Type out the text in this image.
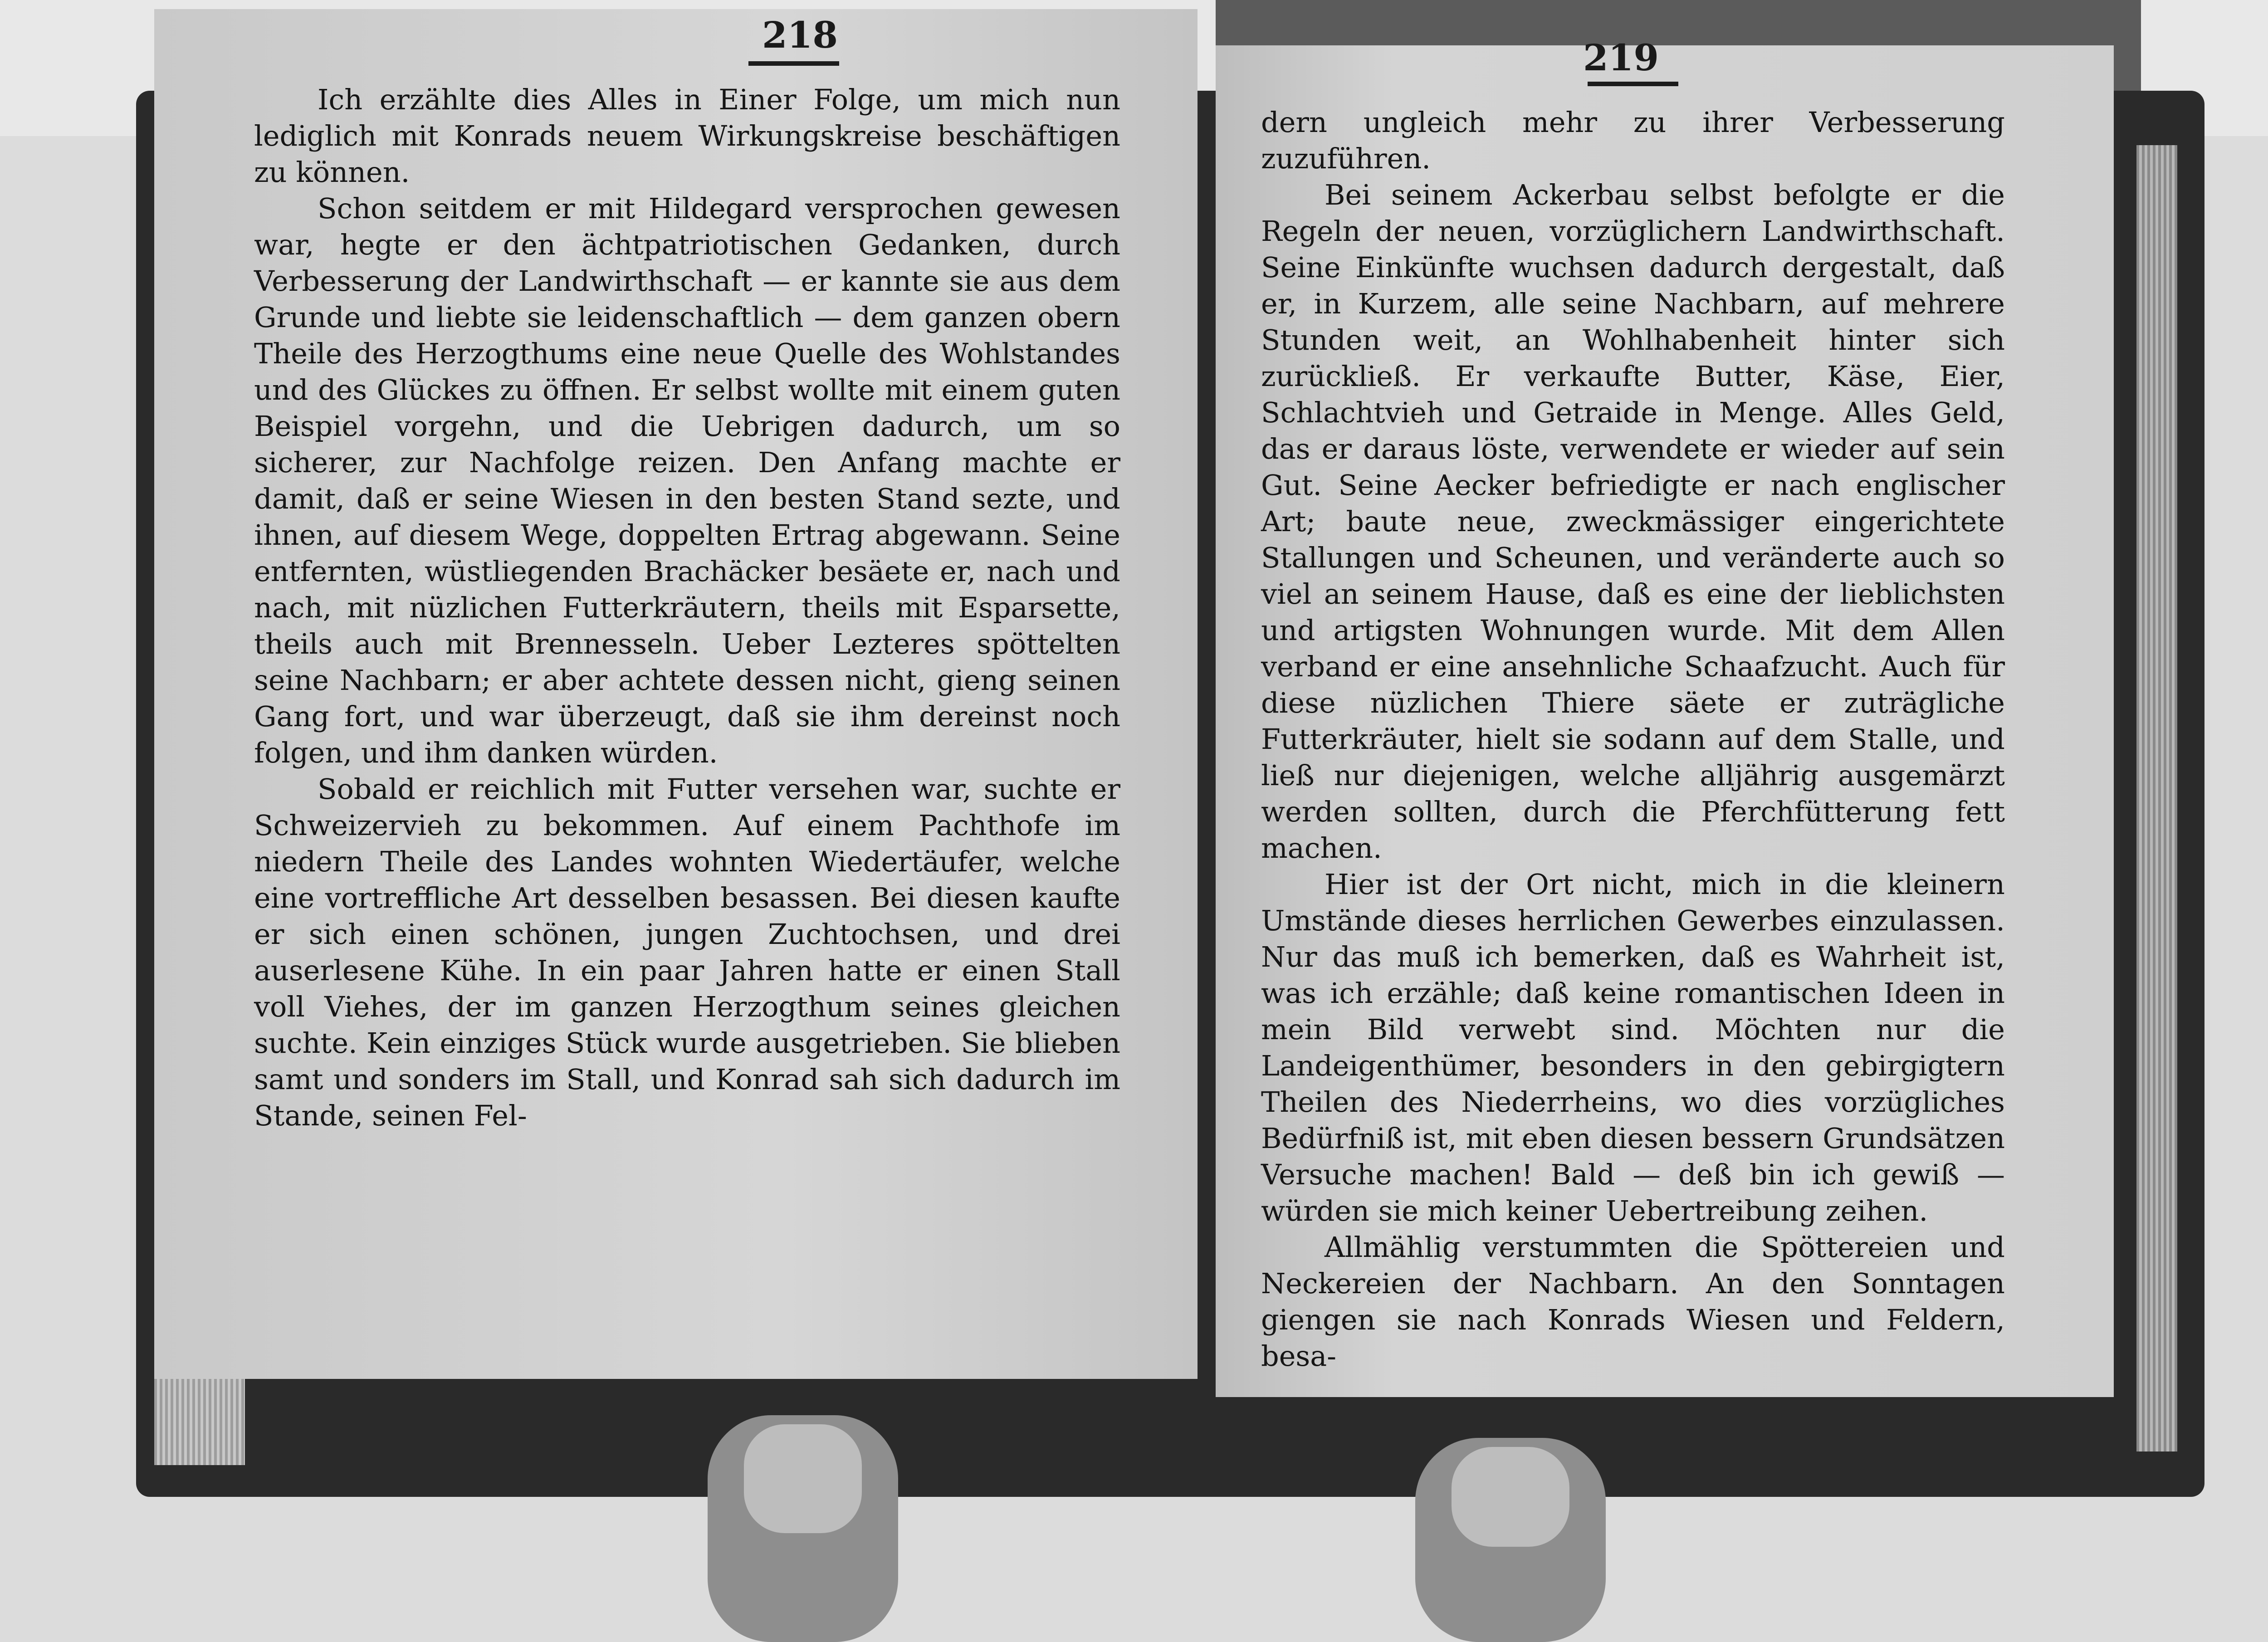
218

Ich erzählte dies Alles in Einer Folge, um mich nun lediglich mit Konrads neuem Wirkungskreise beschäftigen zu können.

Schon seitdem er mit Hildegard versprochen gewesen war, hegte er den ächtpatriotischen Gedanken, durch Verbesserung der Landwirthschaft — er kannte sie aus dem Grunde und liebte sie leidenschaftlich — dem ganzen obern Theile des Herzogthums eine neue Quelle des Wohlstandes und des Glückes zu öffnen. Er selbst wollte mit einem guten Beispiel vorgehn, und die Uebrigen dadurch, um so sicherer, zur Nachfolge reizen. Den Anfang machte er damit, daß er seine Wiesen in den besten Stand sezte, und ihnen, auf diesem Wege, doppelten Ertrag abgewann. Seine entfernten, wüstliegenden Brachäcker besäete er, nach und nach, mit nüzlichen Futterkräutern, theils mit Esparsette, theils auch mit Brennesseln. Ueber Lezteres spöttelten seine Nachbarn; er aber achtete dessen nicht, gieng seinen Gang fort, und war überzeugt, daß sie ihm dereinst noch folgen, und ihm danken würden.

Sobald er reichlich mit Futter versehen war, suchte er Schweizervieh zu bekommen. Auf einem Pachthofe im niedern Theile des Landes wohnten Wiedertäufer, welche eine vortreffliche Art desselben besassen. Bei diesen kaufte er sich einen schönen, jungen Zuchtochsen, und drei auserlesene Kühe. In ein paar Jahren hatte er einen Stall voll Viehes, der im ganzen Herzogthum seines gleichen suchte. Kein einziges Stück wurde ausgetrieben. Sie blieben samt und sonders im Stall, und Konrad sah sich dadurch im Stande, seinen Fel-

219

dern ungleich mehr zu ihrer Verbesserung zuzuführen.

Bei seinem Ackerbau selbst befolgte er die Regeln der neuen, vorzüglichern Landwirthschaft. Seine Einkünfte wuchsen dadurch dergestalt, daß er, in Kurzem, alle seine Nachbarn, auf mehrere Stunden weit, an Wohlhabenheit hinter sich zurückließ. Er verkaufte Butter, Käse, Eier, Schlachtvieh und Getraide in Menge. Alles Geld, das er daraus löste, verwendete er wieder auf sein Gut. Seine Aecker befriedigte er nach englischer Art; baute neue, zweckmässiger eingerichtete Stallungen und Scheunen, und veränderte auch so viel an seinem Hause, daß es eine der lieblichsten und artigsten Wohnungen wurde. Mit dem Allen verband er eine ansehnliche Schaafzucht. Auch für diese nüzlichen Thiere säete er zuträgliche Futterkräuter, hielt sie sodann auf dem Stalle, und ließ nur diejenigen, welche alljährig ausgemärzt werden sollten, durch die Pferchfütterung fett machen.

Hier ist der Ort nicht, mich in die kleinern Umstände dieses herrlichen Gewerbes einzulassen. Nur das muß ich bemerken, daß es Wahrheit ist, was ich erzähle; daß keine romantischen Ideen in mein Bild verwebt sind. Möchten nur die Landeigenthümer, besonders in den gebirgigtern Theilen des Niederrheins, wo dies vorzügliches Bedürfniß ist, mit eben diesen bessern Grundsätzen Versuche machen! Bald — deß bin ich gewiß — würden sie mich keiner Uebertreibung zeihen.

Allmählig verstummten die Spöttereien und Neckereien der Nachbarn. An den Sonntagen giengen sie nach Konrads Wiesen und Feldern, besa-
